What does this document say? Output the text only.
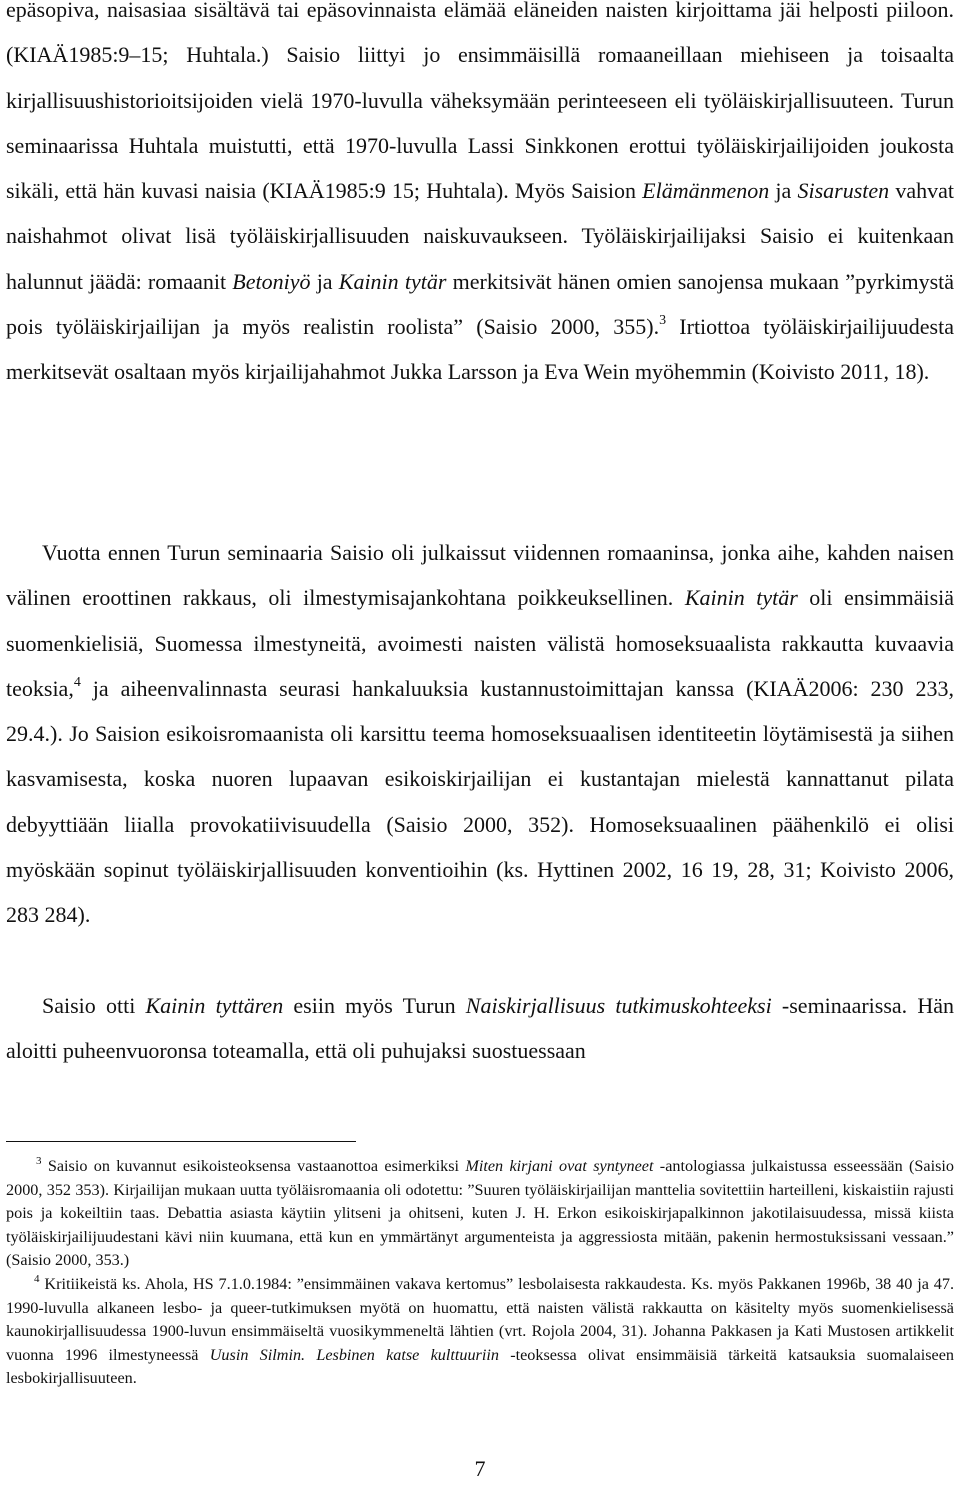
epäsopiva, naisasiaa sisältävä tai epäsovinnaista elämää eläneiden naisten kirjoittama jäi helposti piiloon. (KIAÄ1985:9–15; Huhtala.) Saisio liittyi jo ensimmäisillä romaaneillaan miehiseen ja toisaalta kirjallisuushistorioitsijoiden vielä 1970-luvulla väheksymään perinteeseen eli työläiskirjallisuuteen. Turun seminaarissa Huhtala muistutti, että 1970-luvulla Lassi Sinkkonen erottui työläiskirjailijoiden joukosta sikäli, että hän kuvasi naisia (KIAÄ1985:9 15; Huhtala). Myös Saision Elämänmenon ja Sisarusten vahvat naishahmot olivat lisä työläiskirjallisuuden naiskuvaukseen. Työläiskirjailijaksi Saisio ei kuitenkaan halunnut jäädä: romaanit Betoniyö ja Kainin tytär merkitsivät hänen omien sanojensa mukaan ”pyrkimystä pois työläiskirjailijan ja myös realistin roolista” (Saisio 2000, 355).$^3$ Irtiottoa työläiskirjailijuudesta merkitsevät osaltaan myös kirjailijahahmot Jukka Larsson ja Eva Wein myöhemmin (Koivisto 2011, 18).

Vuotta ennen Turun seminaaria Saisio oli julkaissut viidennen romaaninsa, jonka aihe, kahden naisen välinen eroottinen rakkaus, oli ilmestymisajankohtana poikkeuksellinen. Kainin tytär oli ensimmäisiä suomenkielisiä, Suomessa ilmestyneitä, avoimesti naisten välistä homoseksuaalista rakkautta kuvaavia teoksia,$^4$ ja aiheenvalinnasta seurasi hankaluuksia kustannustoimittajan kanssa (KIAÄ2006: 230 233, 29.4.). Jo Saision esikoisromaanista oli karsittu teema homoseksuaalisen identiteetin löytämisestä ja siihen kasvamisesta, koska nuoren lupaavan esikoiskirjailijan ei kustantajan mielestä kannattanut pilata debyyttiään liialla provokatiivisuudella (Saisio 2000, 352). Homoseksuaalinen päähenkilö ei olisi myöskään sopinut työläiskirjallisuuden konventioihin (ks. Hyttinen 2002, 16 19, 28, 31; Koivisto 2006, 283 284).

Saisio otti Kainin tyttären esiin myös Turun Naiskirjallisuus tutkimuskohteeksi -seminaarissa. Hän aloitti puheenvuoronsa toteamalla, että oli puhujaksi suostuessaan

$^3$ Saisio on kuvannut esikoisteoksensa vastaanottoa esimerkiksi Miten kirjani ovat syntyneet -antologiassa julkaistussa esseessään (Saisio 2000, 352 353). Kirjailijan mukaan uutta työläisromaania oli odotettu: ”Suuren työläiskirjailijan manttelia sovitettiin harteilleni, kiskaistiin rajusti pois ja kokeiltiin taas. Debattia asiasta käytiin ylitseni ja ohitseni, kuten J. H. Erkon esikoiskirjapalkinnon jakotilaisuudessa, missä kiista työläiskirjailijuudestani kävi niin kuumana, että kun en ymmärtänyt argumenteista ja aggressiosta mitään, pakenin hermostuksissani vessaan.” (Saisio 2000, 353.)

$^4$ Kritiikeistä ks. Ahola, HS 7.1.0.1984: ”ensimmäinen vakava kertomus” lesbolaisesta rakkaudesta. Ks. myös Pakkanen 1996b, 38 40 ja 47. 1990-luvulla alkaneen lesbo- ja queer-tutkimuksen myötä on huomattu, että naisten välistä rakkautta on käsitelty myös suomenkielisessä kaunokirjallisuudessa 1900-luvun ensimmäiseltä vuosikymmeneltä lähtien (vrt. Rojola 2004, 31). Johanna Pakkasen ja Kati Mustosen artikkelit vuonna 1996 ilmestyneessä Uusin Silmin. Lesbinen katse kulttuuriin -teoksessa olivat ensimmäisiä tärkeitä katsauksia suomalaiseen lesbokirjallisuuteen.

7
